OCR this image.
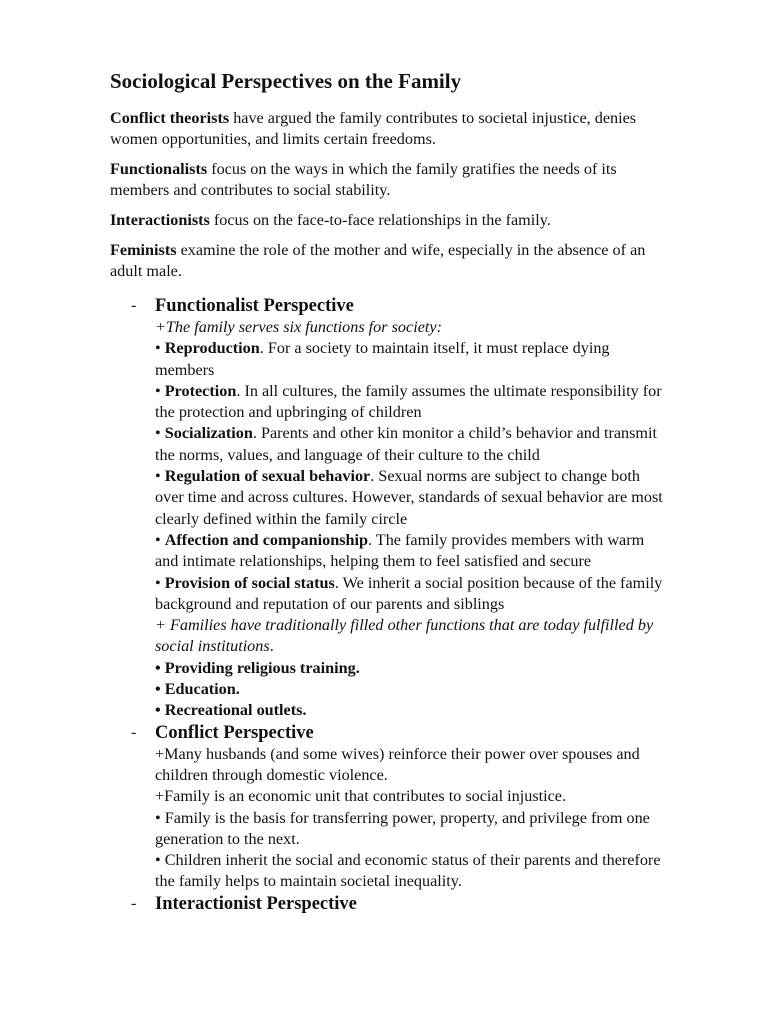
Sociological Perspectives on the Family

Conflict theorists have argued the family contributes to societal injustice, denies women opportunities, and limits certain freedoms.

Functionalists focus on the ways in which the family gratifies the needs of its members and contributes to social stability.

Interactionists focus on the face-to-face relationships in the family.

Feminists examine the role of the mother and wife, especially in the absence of an adult male.

- Functionalist Perspective

+The family serves six functions for society:

• Reproduction. For a society to maintain itself, it must replace dying members

• Protection. In all cultures, the family assumes the ultimate responsibility for the protection and upbringing of children

• Socialization. Parents and other kin monitor a child’s behavior and transmit the norms, values, and language of their culture to the child

• Regulation of sexual behavior. Sexual norms are subject to change both over time and across cultures. However, standards of sexual behavior are most clearly defined within the family circle

• Affection and companionship. The family provides members with warm and intimate relationships, helping them to feel satisfied and secure

• Provision of social status. We inherit a social position because of the family background and reputation of our parents and siblings

+ Families have traditionally filled other functions that are today fulfilled by social institutions.

• Providing religious training.

• Education.

• Recreational outlets.

- Conflict Perspective

+Many husbands (and some wives) reinforce their power over spouses and children through domestic violence.

+Family is an economic unit that contributes to social injustice.

• Family is the basis for transferring power, property, and privilege from one generation to the next.

• Children inherit the social and economic status of their parents and therefore the family helps to maintain societal inequality.

- Interactionist Perspective
